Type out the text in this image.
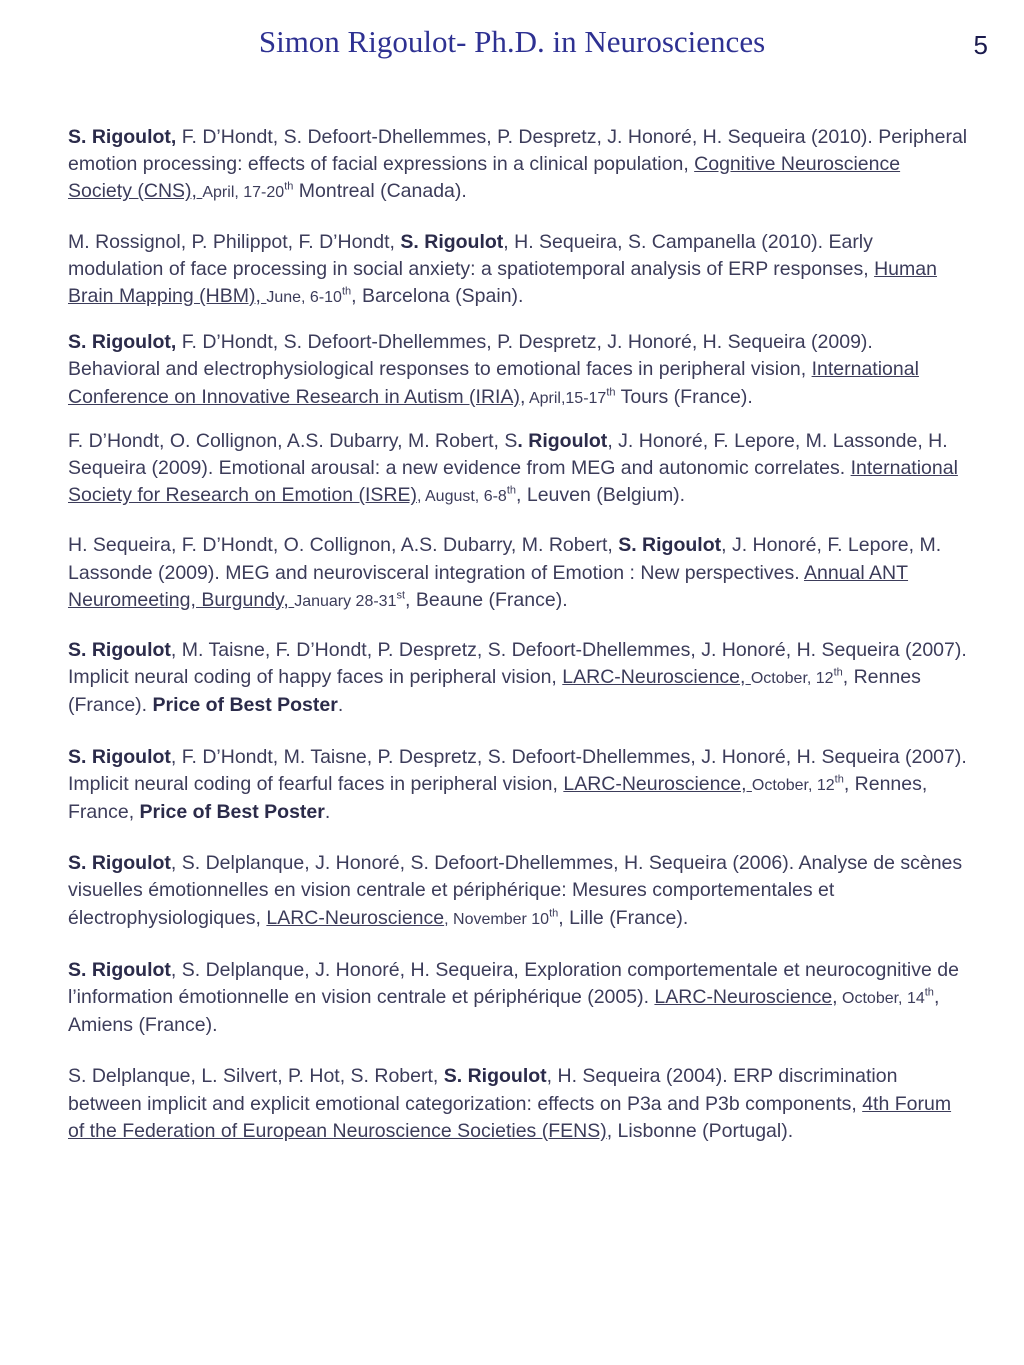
Simon Rigoulot- Ph.D. in Neurosciences	5

S. Rigoulot, F. D’Hondt, S. Defoort-Dhellemmes, P. Despretz, J. Honoré, H. Sequeira (2010). Peripheral emotion processing: effects of facial expressions in a clinical population, Cognitive Neuroscience Society (CNS), April, 17-20th Montreal (Canada).

M. Rossignol, P. Philippot, F. D’Hondt, S. Rigoulot, H. Sequeira, S. Campanella (2010). Early modulation of face processing in social anxiety: a spatiotemporal analysis of ERP responses, Human Brain Mapping (HBM), June, 6-10th, Barcelona (Spain).

S. Rigoulot, F. D’Hondt, S. Defoort-Dhellemmes, P. Despretz, J. Honoré, H. Sequeira (2009). Behavioral and electrophysiological responses to emotional faces in peripheral vision, International Conference on Innovative Research in Autism (IRIA), April,15-17th Tours (France).

F. D’Hondt, O. Collignon, A.S. Dubarry, M. Robert, S. Rigoulot, J. Honoré, F. Lepore, M. Lassonde, H. Sequeira (2009). Emotional arousal: a new evidence from MEG and autonomic correlates. International Society for Research on Emotion (ISRE), August, 6-8th, Leuven (Belgium).

H. Sequeira, F. D’Hondt, O. Collignon, A.S. Dubarry, M. Robert, S. Rigoulot, J. Honoré, F. Lepore, M. Lassonde (2009). MEG and neurovisceral integration of Emotion : New perspectives. Annual ANT Neuromeeting, Burgundy, January 28-31st, Beaune (France).

S. Rigoulot, M. Taisne, F. D’Hondt, P. Despretz, S. Defoort-Dhellemmes, J. Honoré, H. Sequeira (2007). Implicit neural coding of happy faces in peripheral vision, LARC-Neuroscience, October, 12th, Rennes (France). Price of Best Poster.

S. Rigoulot, F. D’Hondt, M. Taisne, P. Despretz, S. Defoort-Dhellemmes, J. Honoré, H. Sequeira (2007). Implicit neural coding of fearful faces in peripheral vision, LARC-Neuroscience, October, 12th, Rennes, France, Price of Best Poster.

S. Rigoulot, S. Delplanque, J. Honoré, S. Defoort-Dhellemmes, H. Sequeira (2006). Analyse de scènes visuelles émotionnelles en vision centrale et périphérique: Mesures comportementales et électrophysiologiques, LARC-Neuroscience, November 10th, Lille (France).

S. Rigoulot, S. Delplanque, J. Honoré, H. Sequeira, Exploration comportementale et neurocognitive de l’information émotionnelle en vision centrale et périphérique (2005). LARC-Neuroscience, October, 14th, Amiens (France).

S. Delplanque, L. Silvert, P. Hot, S. Robert, S. Rigoulot, H. Sequeira (2004). ERP discrimination between implicit and explicit emotional categorization: effects on P3a and P3b components, 4th Forum of the Federation of European Neuroscience Societies (FENS), Lisbonne (Portugal).
